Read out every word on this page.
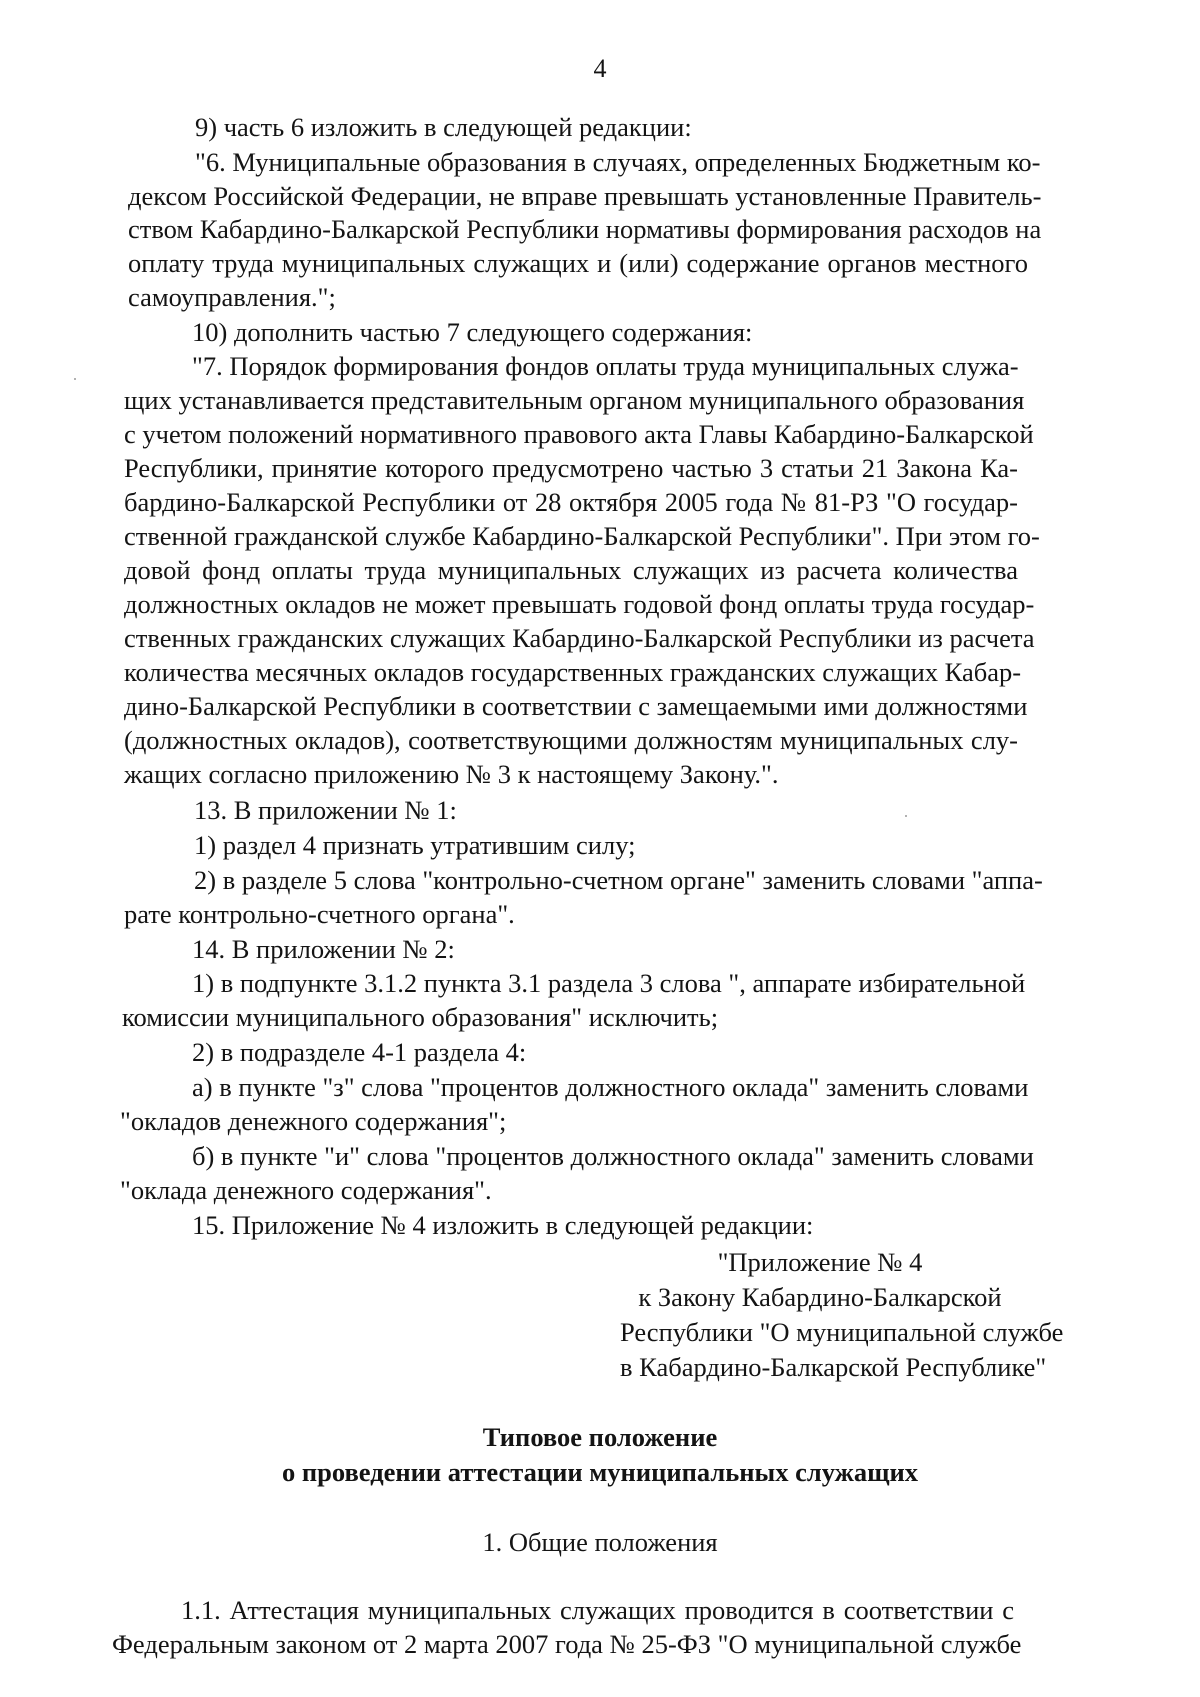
4
9) часть 6 изложить в следующей редакции:
"6. Муниципальные образования в случаях, определенных Бюджетным ко-
дексом Российской Федерации, не вправе превышать установленные Правитель-
ством Кабардино-Балкарской Республики нормативы формирования расходов на
оплату труда муниципальных служащих и (или) содержание органов местного
самоуправления.";
10) дополнить частью 7 следующего содержания:
"7. Порядок формирования фондов оплаты труда муниципальных служа-
щих устанавливается представительным органом муниципального образования
с учетом положений нормативного правового акта Главы Кабардино-Балкарской
Республики, принятие которого предусмотрено частью 3 статьи 21 Закона Ка-
бардино-Балкарской Республики от 28 октября 2005 года № 81-РЗ "О государ-
ственной гражданской службе Кабардино-Балкарской Республики". При этом го-
довой фонд оплаты труда муниципальных служащих из расчета количества
должностных окладов не может превышать годовой фонд оплаты труда государ-
ственных гражданских служащих Кабардино-Балкарской Республики из расчета
количества месячных окладов государственных гражданских служащих Кабар-
дино-Балкарской Республики в соответствии с замещаемыми ими должностями
(должностных окладов), соответствующими должностям муниципальных слу-
жащих согласно приложению № 3 к настоящему Закону.".
13. В приложении № 1:
1) раздел 4 признать утратившим силу;
2) в разделе 5 слова "контрольно-счетном органе" заменить словами "аппа-
рате контрольно-счетного органа".
14. В приложении № 2:
1) в подпункте 3.1.2 пункта 3.1 раздела 3 слова ", аппарате избирательной
комиссии муниципального образования" исключить;
2) в подразделе 4-1 раздела 4:
а) в пункте "з" слова "процентов должностного оклада" заменить словами
"окладов денежного содержания";
б) в пункте "и" слова "процентов должностного оклада" заменить словами
"оклада денежного содержания".
15. Приложение № 4 изложить в следующей редакции:
"Приложение № 4
к Закону Кабардино-Балкарской
Республики "О муниципальной службе
в Кабардино-Балкарской Республике"
Типовое положение
о проведении аттестации муниципальных служащих
1. Общие положения
1.1. Аттестация муниципальных служащих проводится в соответствии с
Федеральным законом от 2 марта 2007 года № 25-ФЗ "О муниципальной службе
